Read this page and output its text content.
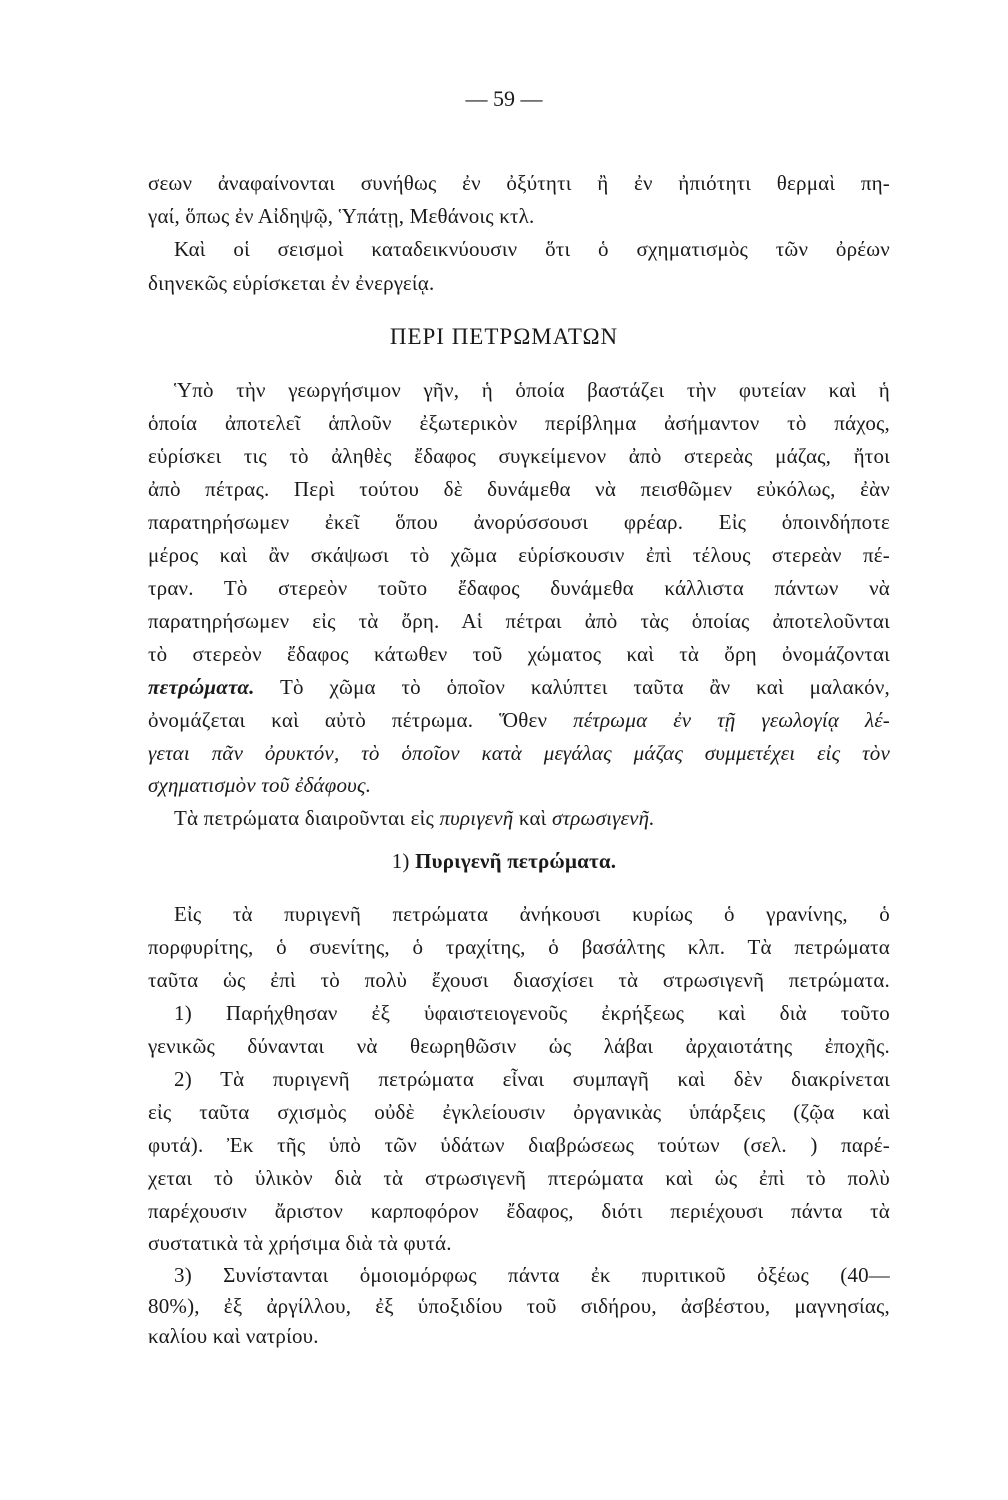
— 59 —
σεων ἀναφαίνονται συνήθως ἐν ὀξύτητι ἢ ἐν ἠπιότητι θερμαὶ πη-
γαί, ὅπως ἐν Αἰδηψῷ, Ὑπάτῃ, Μεθάνοις κτλ.
Καὶ οἱ σεισμοὶ καταδεικνύουσιν ὅτι ὁ σχηματισμὸς τῶν ὀρέων
διηνεκῶς εὑρίσκεται ἐν ἐνεργείᾳ.
ΠΕΡΙ ΠΕΤΡΩΜΑΤΩΝ
Ὑπὸ τὴν γεωργήσιμον γῆν, ἡ ὁποία βαστάζει τὴν φυτείαν καὶ ἡ
ὁποία ἀποτελεῖ ἁπλοῦν ἐξωτερικὸν περίβλημα ἀσήμαντον τὸ πάχος,
εὑρίσκει τις τὸ ἀληθὲς ἔδαφος συγκείμενον ἀπὸ στερεὰς μάζας, ἤτοι
ἀπὸ πέτρας. Περὶ τούτου δὲ δυνάμεθα νὰ πεισθῶμεν εὐκόλως, ἐὰν
παρατηρήσωμεν ἐκεῖ ὅπου ἀνορύσσουσι φρέαρ. Εἰς ὁποινδήποτε
μέρος καὶ ἂν σκάψωσι τὸ χῶμα εὑρίσκουσιν ἐπὶ τέλους στερεὰν πέ-
τραν. Τὸ στερεὸν τοῦτο ἔδαφος δυνάμεθα κάλλιστα πάντων νὰ
παρατηρήσωμεν εἰς τὰ ὄρη. Αἱ πέτραι ἀπὸ τὰς ὁποίας ἀποτελοῦνται
τὸ στερεὸν ἔδαφος κάτωθεν τοῦ χώματος καὶ τὰ ὄρη ὀνομάζονται
πετρώματα. Τὸ χῶμα τὸ ὁποῖον καλύπτει ταῦτα ἂν καὶ μαλακόν,
ὀνομάζεται καὶ αὐτὸ πέτρωμα. Ὅθεν πέτρωμα ἐν τῇ γεωλογίᾳ λέ-
γεται πᾶν ὀρυκτόν, τὸ ὁποῖον κατὰ μεγάλας μάζας συμμετέχει εἰς τὸν
σχηματισμὸν τοῦ ἐδάφους.
Τὰ πετρώματα διαιροῦνται εἰς πυριγενῆ καὶ στρωσιγενῆ.
1) Πυριγενῆ πετρώματα.
Εἰς τὰ πυριγενῆ πετρώματα ἀνήκουσι κυρίως ὁ γρανίνης, ὁ
πορφυρίτης, ὁ συενίτης, ὁ τραχίτης, ὁ βασάλτης κλπ. Τὰ πετρώματα
ταῦτα ὡς ἐπὶ τὸ πολὺ ἔχουσι διασχίσει τὰ στρωσιγενῆ πετρώματα.
1) Παρήχθησαν ἐξ ὑφαιστειογενοῦς ἐκρήξεως καὶ διὰ τοῦτο
γενικῶς δύνανται νὰ θεωρηθῶσιν ὡς λάβαι ἀρχαιοτάτης ἐποχῆς.
2) Τὰ πυριγενῆ πετρώματα εἶναι συμπαγῆ καὶ δὲν διακρίνεται
εἰς ταῦτα σχισμὸς οὐδὲ ἐγκλείουσιν ὀργανικὰς ὑπάρξεις (ζῷα καὶ
φυτά). Ἐκ τῆς ὑπὸ τῶν ὑδάτων διαβρώσεως τούτων (σελ. ) παρέ-
χεται τὸ ὑλικὸν διὰ τὰ στρωσιγενῆ πτερώματα καὶ ὡς ἐπὶ τὸ πολὺ
παρέχουσιν ἄριστον καρποφόρον ἔδαφος, διότι περιέχουσι πάντα τὰ
συστατικὰ τὰ χρήσιμα διὰ τὰ φυτά.
3) Συνίστανται ὁμοιομόρφως πάντα ἐκ πυριτικοῦ ὀξέως (40—
80%), ἐξ ἀργίλλου, ἐξ ὑποξιδίου τοῦ σιδήρου, ἀσβέστου, μαγνησίας,
καλίου καὶ νατρίου.
